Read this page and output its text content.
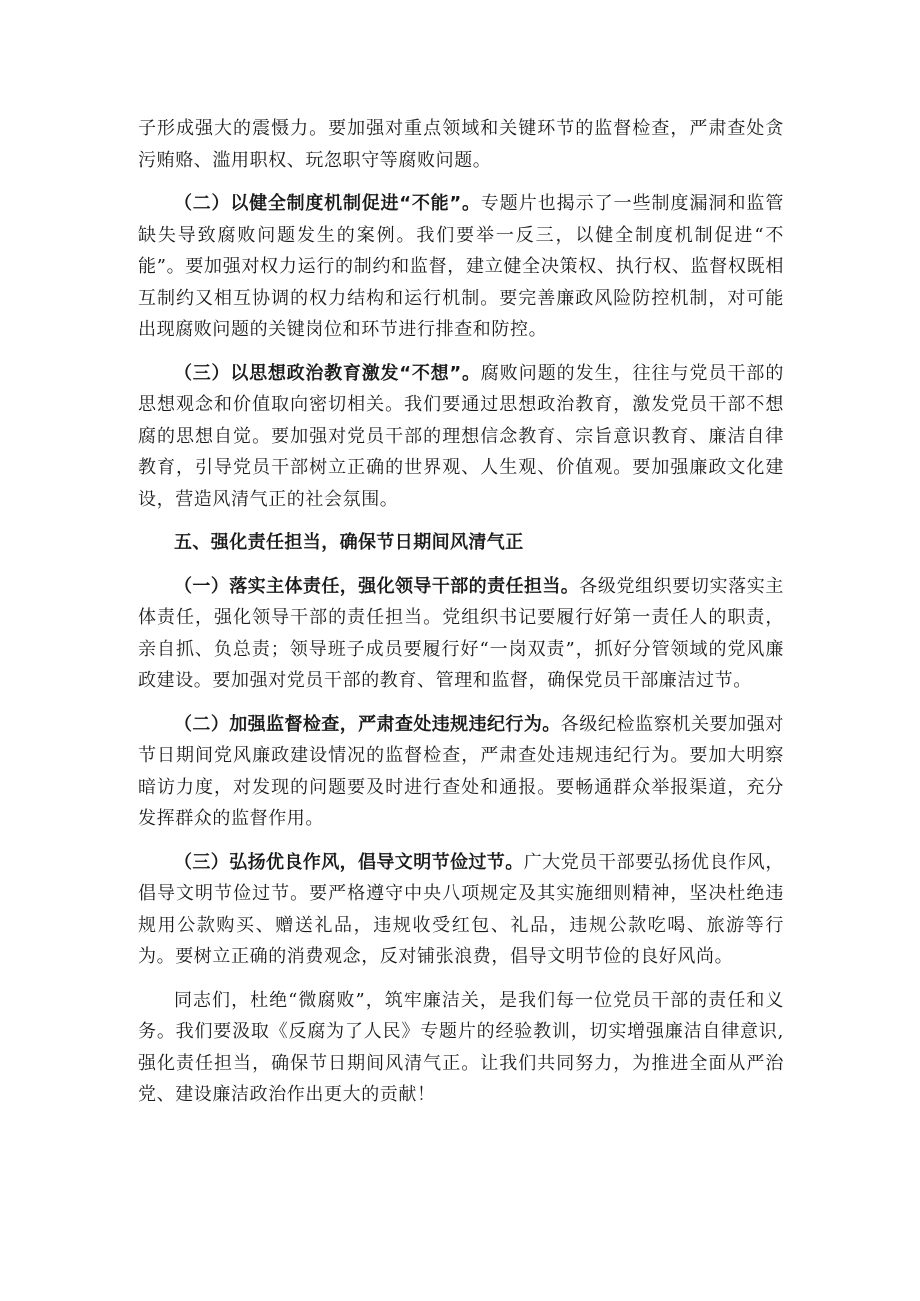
子形成强大的震慑力。要加强对重点领域和关键环节的监督检查，严肃查处贪污贿赂、滥用职权、玩忽职守等腐败问题。

（二）以健全制度机制促进“不能”。专题片也揭示了一些制度漏洞和监管缺失导致腐败问题发生的案例。我们要举一反三，以健全制度机制促进“不能”。要加强对权力运行的制约和监督，建立健全决策权、执行权、监督权既相互制约又相互协调的权力结构和运行机制。要完善廉政风险防控机制，对可能出现腐败问题的关键岗位和环节进行排查和防控。

（三）以思想政治教育激发“不想”。腐败问题的发生，往往与党员干部的思想观念和价值取向密切相关。我们要通过思想政治教育，激发党员干部不想腐的思想自觉。要加强对党员干部的理想信念教育、宗旨意识教育、廉洁自律教育，引导党员干部树立正确的世界观、人生观、价值观。要加强廉政文化建设，营造风清气正的社会氛围。

五、强化责任担当，确保节日期间风清气正

（一）落实主体责任，强化领导干部的责任担当。各级党组织要切实落实主体责任，强化领导干部的责任担当。党组织书记要履行好第一责任人的职责，亲自抓、负总责；领导班子成员要履行好“一岗双责”，抓好分管领域的党风廉政建设。要加强对党员干部的教育、管理和监督，确保党员干部廉洁过节。

（二）加强监督检查，严肃查处违规违纪行为。各级纪检监察机关要加强对节日期间党风廉政建设情况的监督检查，严肃查处违规违纪行为。要加大明察暗访力度，对发现的问题要及时进行查处和通报。要畅通群众举报渠道，充分发挥群众的监督作用。

（三）弘扬优良作风，倡导文明节俭过节。广大党员干部要弘扬优良作风，倡导文明节俭过节。要严格遵守中央八项规定及其实施细则精神，坚决杜绝违规用公款购买、赠送礼品，违规收受红包、礼品，违规公款吃喝、旅游等行为。要树立正确的消费观念，反对铺张浪费，倡导文明节俭的良好风尚。

同志们，杜绝“微腐败”，筑牢廉洁关，是我们每一位党员干部的责任和义务。我们要汲取《反腐为了人民》专题片的经验教训，切实增强廉洁自律意识,强化责任担当，确保节日期间风清气正。让我们共同努力，为推进全面从严治党、建设廉洁政治作出更大的贡献！
